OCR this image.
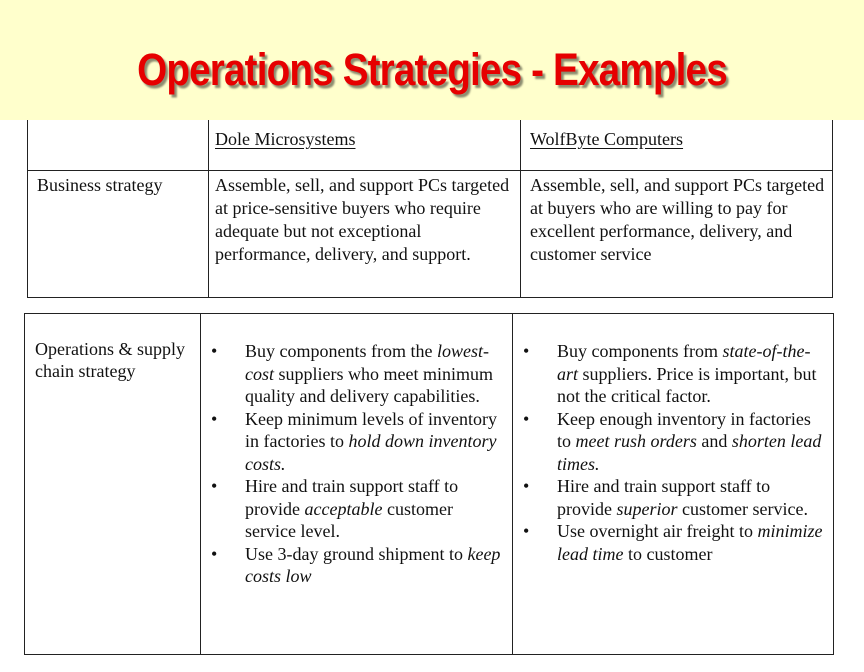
Operations Strategies - Examples
Dole Microsystems	WolfByte Computers
Business strategy	Assemble, sell, and support PCs targeted at price-sensitive buyers who require adequate but not exceptional performance, delivery, and support.
Assemble, sell, and support PCs targeted at buyers who are willing to pay for excellent performance, delivery, and customer service
Operations & supply chain strategy
• Buy components from the lowest-cost suppliers who meet minimum quality and delivery capabilities.
• Keep minimum levels of inventory in factories to hold down inventory costs.
• Hire and train support staff to provide acceptable customer service level.
• Use 3-day ground shipment to keep costs low
• Buy components from state-of-the-art suppliers. Price is important, but not the critical factor.
• Keep enough inventory in factories to meet rush orders and shorten lead times.
• Hire and train support staff to provide superior customer service.
• Use overnight air freight to minimize lead time to customer
